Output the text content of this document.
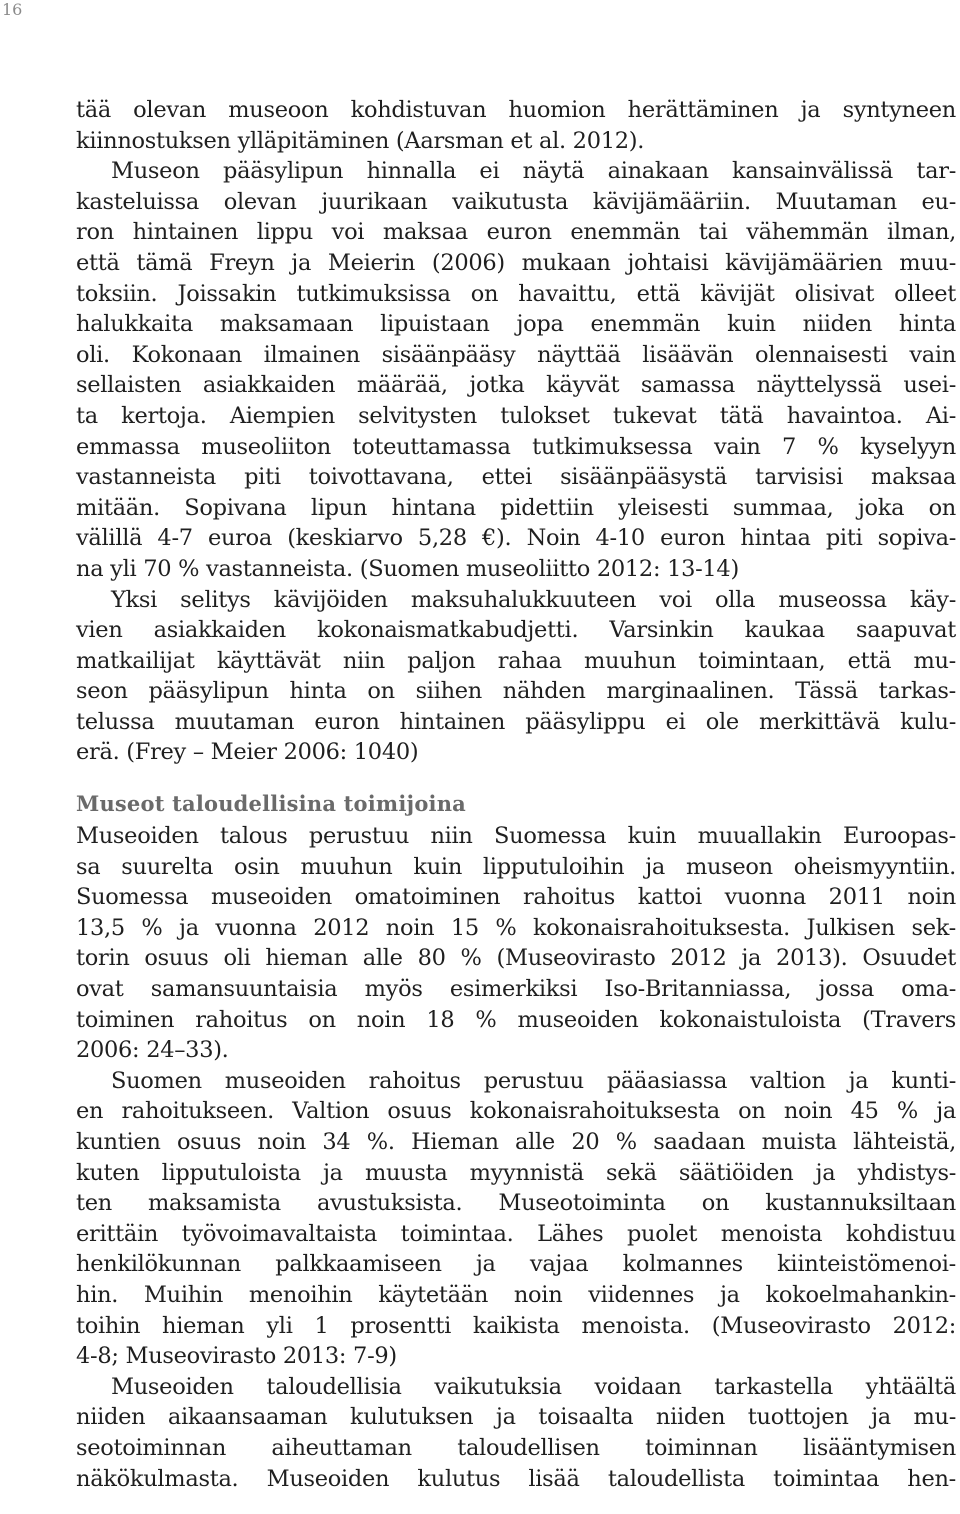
16
tää olevan museoon kohdistuvan huomion herättäminen ja syntyneen
kiinnostuksen ylläpitäminen (Aarsman et al. 2012).
Museon pääsylipun hinnalla ei näytä ainakaan kansainvälissä tar-
kasteluissa olevan juurikaan vaikutusta kävijämääriin. Muutaman eu-
ron hintainen lippu voi maksaa euron enemmän tai vähemmän ilman,
että tämä Freyn ja Meierin (2006) mukaan johtaisi kävijämäärien muu-
toksiin. Joissakin tutkimuksissa on havaittu, että kävijät olisivat olleet
halukkaita maksamaan lipuistaan jopa enemmän kuin niiden hinta
oli. Kokonaan ilmainen sisäänpääsy näyttää lisäävän olennaisesti vain
sellaisten asiakkaiden määrää, jotka käyvät samassa näyttelyssä usei-
ta kertoja. Aiempien selvitysten tulokset tukevat tätä havaintoa. Ai-
emmassa museoliiton toteuttamassa tutkimuksessa vain 7 % kyselyyn
vastanneista piti toivottavana, ettei sisäänpääsystä tarvisisi maksaa
mitään. Sopivana lipun hintana pidettiin yleisesti summaa, joka on
välillä 4-7 euroa (keskiarvo 5,28 €). Noin 4-10 euron hintaa piti sopiva-
na yli 70 % vastanneista. (Suomen museoliitto 2012: 13-14)
Yksi selitys kävijöiden maksuhalukkuuteen voi olla museossa käy-
vien asiakkaiden kokonaismatkabudjetti. Varsinkin kaukaa saapuvat
matkailijat käyttävät niin paljon rahaa muuhun toimintaan, että mu-
seon pääsylipun hinta on siihen nähden marginaalinen. Tässä tarkas-
telussa muutaman euron hintainen pääsylippu ei ole merkittävä kulu-
erä. (Frey – Meier 2006: 1040)
Museot taloudellisina toimijoina
Museoiden talous perustuu niin Suomessa kuin muuallakin Euroopas-
sa suurelta osin muuhun kuin lipputuloihin ja museon oheismyyntiin.
Suomessa museoiden omatoiminen rahoitus kattoi vuonna 2011 noin
13,5 % ja vuonna 2012 noin 15 % kokonaisrahoituksesta. Julkisen sek-
torin osuus oli hieman alle 80 % (Museovirasto 2012 ja 2013). Osuudet
ovat samansuuntaisia myös esimerkiksi Iso-Britanniassa, jossa oma-
toiminen rahoitus on noin 18 % museoiden kokonaistuloista (Travers
2006: 24–33).
Suomen museoiden rahoitus perustuu pääasiassa valtion ja kunti-
en rahoitukseen. Valtion osuus kokonaisrahoituksesta on noin 45 % ja
kuntien osuus noin 34 %. Hieman alle 20 % saadaan muista lähteistä,
kuten lipputuloista ja muusta myynnistä sekä säätiöiden ja yhdistys-
ten maksamista avustuksista. Museotoiminta on kustannuksiltaan
erittäin työvoimavaltaista toimintaa. Lähes puolet menoista kohdistuu
henkilökunnan palkkaamiseen ja vajaa kolmannes kiinteistömenoi-
hin. Muihin menoihin käytetään noin viidennes ja kokoelmahankin-
toihin hieman yli 1 prosentti kaikista menoista. (Museovirasto 2012:
4-8; Museovirasto 2013: 7-9)
Museoiden taloudellisia vaikutuksia voidaan tarkastella yhtäältä
niiden aikaansaaman kulutuksen ja toisaalta niiden tuottojen ja mu-
seotoiminnan aiheuttaman taloudellisen toiminnan lisääntymisen
näkökulmasta. Museoiden kulutus lisää taloudellista toimintaa hen-
